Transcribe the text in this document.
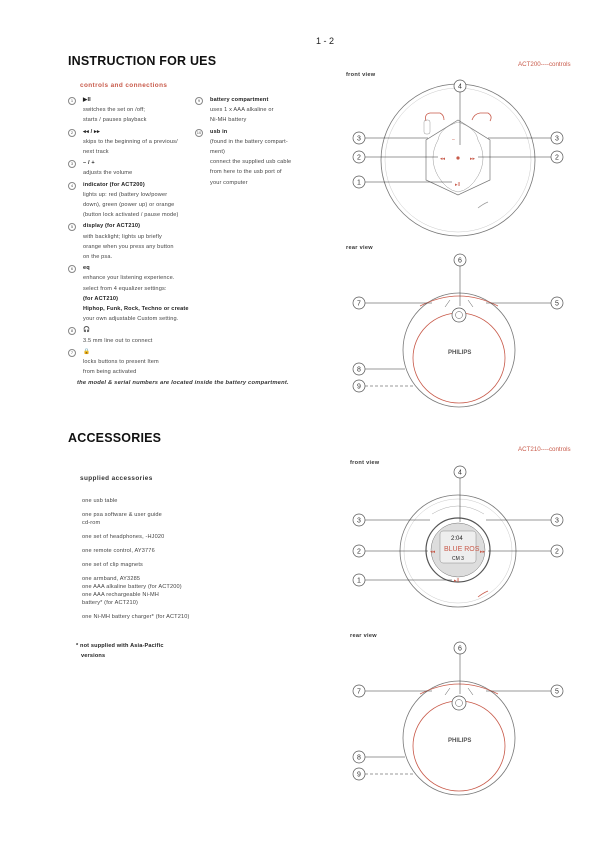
1 - 2
INSTRUCTION FOR UES
controls and connections
1	▶II
switches the set on /off;
starts / pauses playback
2	◂◂ / ▸▸
skips to the beginning of a previous/
next track
3	– / +
adjusts the volume
4	indicator (for ACT200)
lights up: red (battery low/power
down), green (power up) or orange
(button lock activated / pause mode)
5	display (for ACT210)
with backlight; lights up briefly
orange when you press any button
on the psa.
6	eq
enhance your listening experience.
select from 4 equalizer settings:
(for ACT210)
Hiphop, Funk, Rock, Techno or create
your own adjustable Custom setting.
8	🎧
3.5 mm line out to connect
7	🔒
locks buttons to present Item
from being activated
9	battery compartment
uses 1 x AAA alkaline or
Ni-MH battery
10	usb in
(found in the battery compart-
ment)
connect the supplied usb cable
from here to the usb port of
your computer
the model & serial numbers are located inside the battery compartment.
ACCESSORIES
supplied accessories
one usb table
one psa software & user guide
cd-rom
one set of headphones, -HJ020
one remote control, AY3776
one set of clip magnets
one armband, AY3285
one AAA alkaline battery (for ACT200)
one AAA rechargeable Ni-MH
battery* (for ACT210)
one Ni-MH battery charger* (for ACT210)
* not supplied with Asia-Pacific
versions
ACT200----controls
front view
rear view
ACT210----controls
front view
rear view
◂◂	▸▸
▸II
–
PHILIPS
2:04
BLUE ROS
CM 3
◂◂	▸▸
▸II
PHILIPS
4
3	3
2	2
1
6
7	5
8
9
4
3	3
2	2
1
6
7	5
8
9
